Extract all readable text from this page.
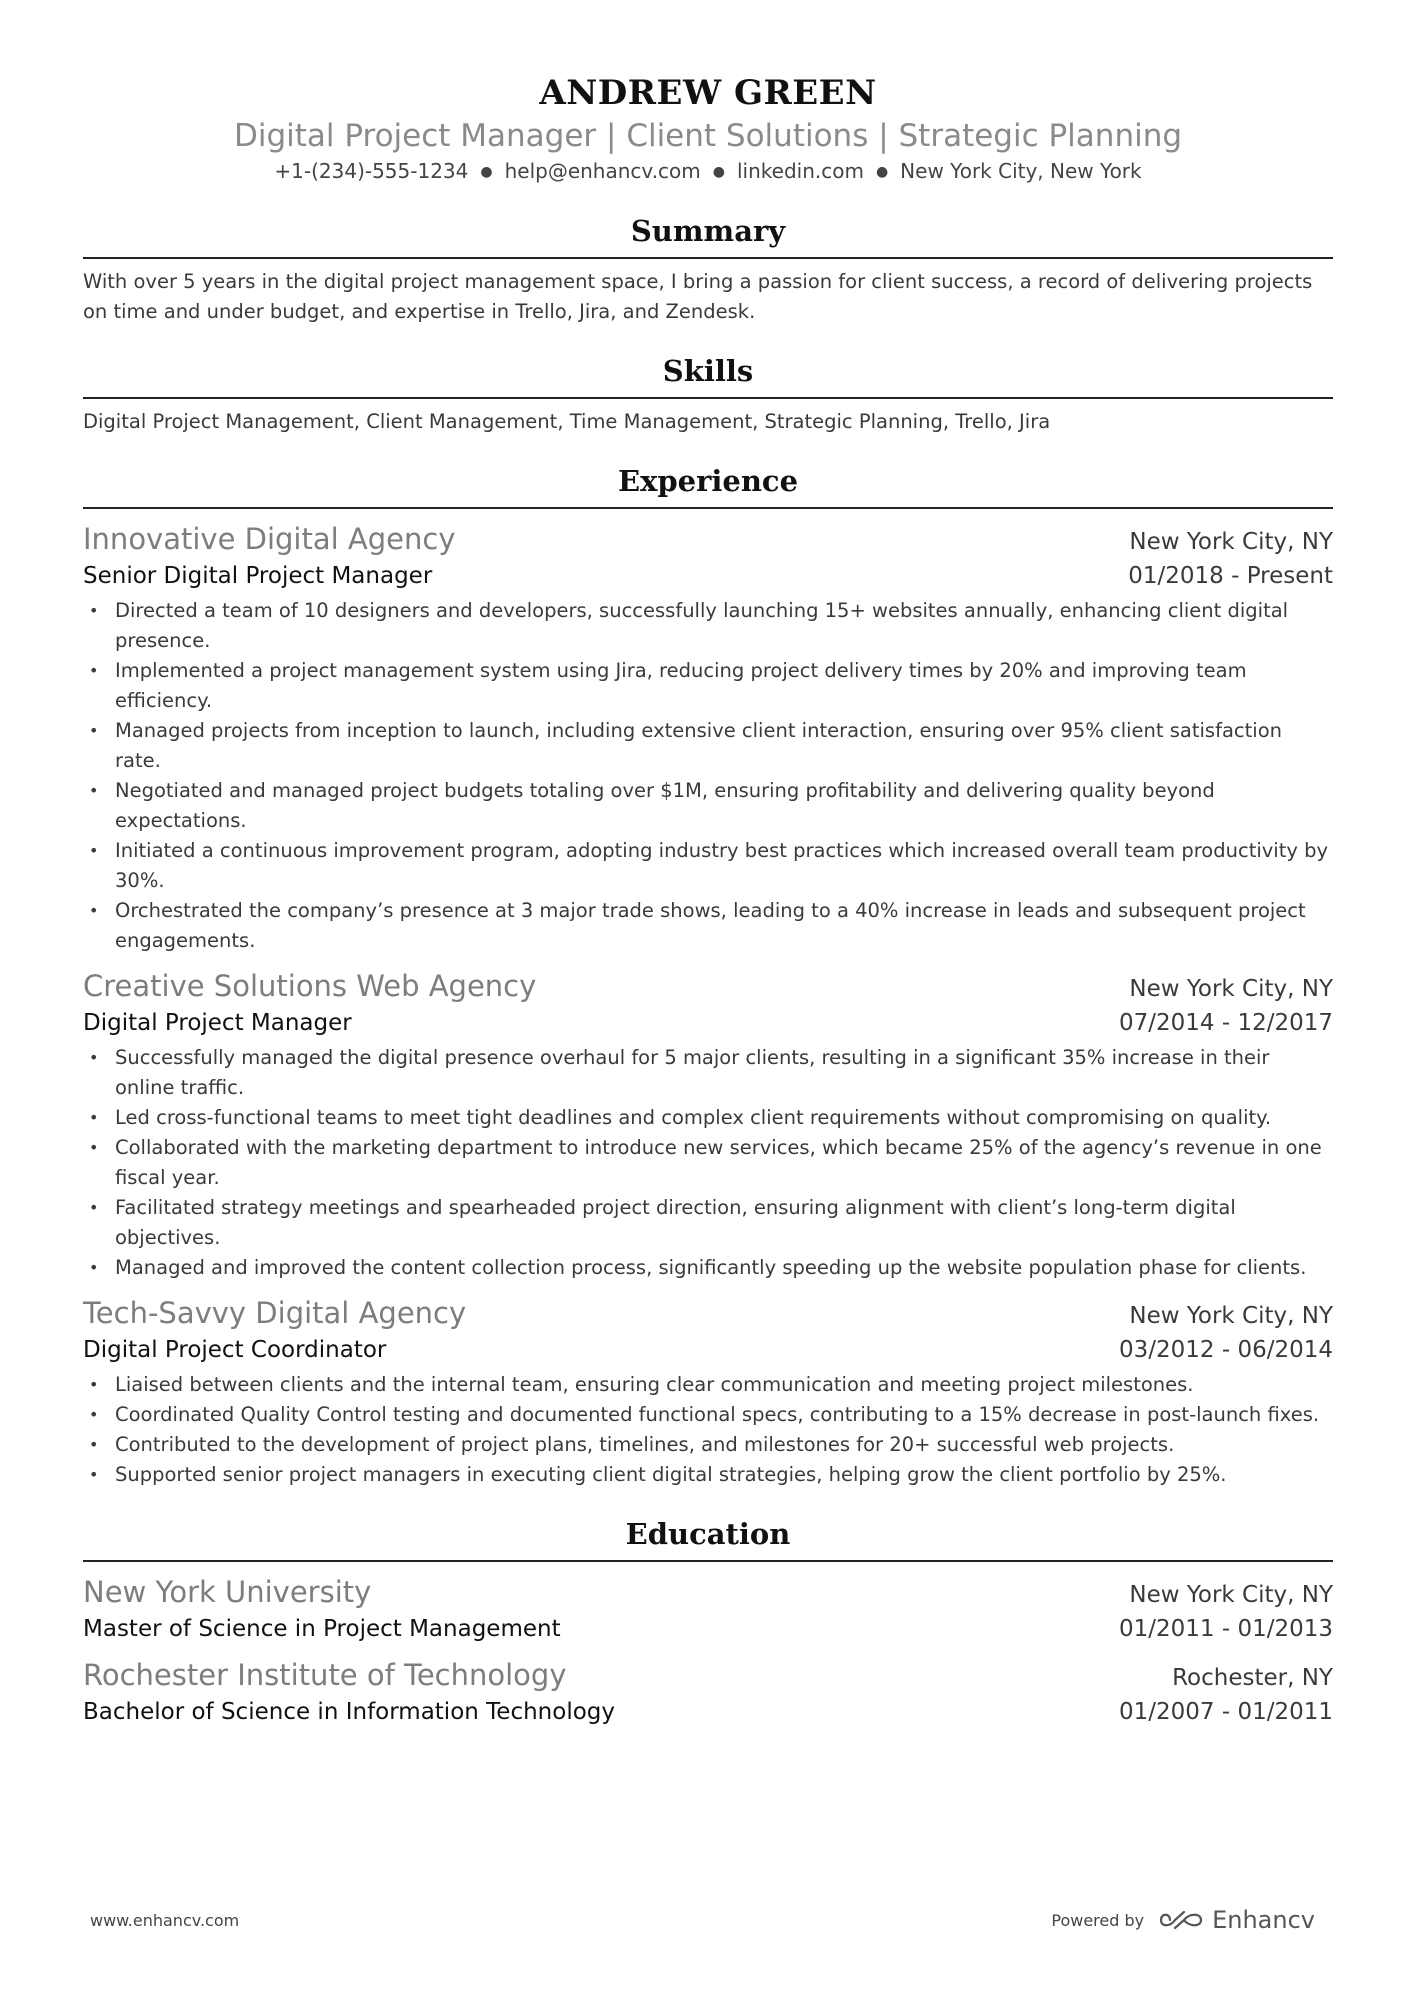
ANDREW GREEN
Digital Project Manager | Client Solutions | Strategic Planning
+1-(234)-555-1234 ● help@enhancv.com ● linkedin.com ● New York City, New York
Summary
With over 5 years in the digital project management space, I bring a passion for client success, a record of delivering projects on time and under budget, and expertise in Trello, Jira, and Zendesk.
Skills
Digital Project Management, Client Management, Time Management, Strategic Planning, Trello, Jira
Experience
Innovative Digital Agency	New York City, NY
Senior Digital Project Manager	01/2018 - Present
• Directed a team of 10 designers and developers, successfully launching 15+ websites annually, enhancing client digital presence.
• Implemented a project management system using Jira, reducing project delivery times by 20% and improving team efficiency.
• Managed projects from inception to launch, including extensive client interaction, ensuring over 95% client satisfaction rate.
• Negotiated and managed project budgets totaling over $1M, ensuring profitability and delivering quality beyond expectations.
• Initiated a continuous improvement program, adopting industry best practices which increased overall team productivity by 30%.
• Orchestrated the company’s presence at 3 major trade shows, leading to a 40% increase in leads and subsequent project engagements.
Creative Solutions Web Agency	New York City, NY
Digital Project Manager	07/2014 - 12/2017
• Successfully managed the digital presence overhaul for 5 major clients, resulting in a significant 35% increase in their online traffic.
• Led cross-functional teams to meet tight deadlines and complex client requirements without compromising on quality.
• Collaborated with the marketing department to introduce new services, which became 25% of the agency’s revenue in one fiscal year.
• Facilitated strategy meetings and spearheaded project direction, ensuring alignment with client’s long-term digital objectives.
• Managed and improved the content collection process, significantly speeding up the website population phase for clients.
Tech-Savvy Digital Agency	New York City, NY
Digital Project Coordinator	03/2012 - 06/2014
• Liaised between clients and the internal team, ensuring clear communication and meeting project milestones.
• Coordinated Quality Control testing and documented functional specs, contributing to a 15% decrease in post-launch fixes.
• Contributed to the development of project plans, timelines, and milestones for 20+ successful web projects.
• Supported senior project managers in executing client digital strategies, helping grow the client portfolio by 25%.
Education
New York University	New York City, NY
Master of Science in Project Management	01/2011 - 01/2013
Rochester Institute of Technology	Rochester, NY
Bachelor of Science in Information Technology	01/2007 - 01/2011
www.enhancv.com	Powered by	Enhancv
